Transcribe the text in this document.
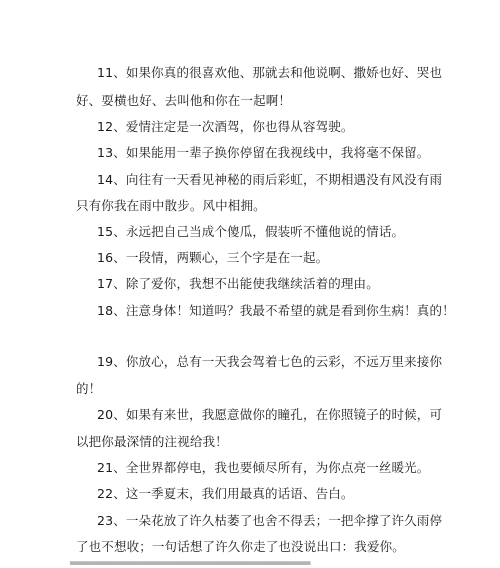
11、如果你真的很喜欢他、那就去和他说啊、撒娇也好、哭也
好、耍横也好、去叫他和你在一起啊！
12、爱情注定是一次酒驾，你也得从容驾驶。
13、如果能用一辈子换你停留在我视线中，我将毫不保留。
14、向往有一天看见神秘的雨后彩虹，不期相遇没有风没有雨
只有你我在雨中散步。风中相拥。
15、永远把自己当成个傻瓜，假装听不懂他说的情话。
16、一段情，两颗心，三个字是在一起。
17、除了爱你，我想不出能使我继续活着的理由。
18、注意身体！知道吗？我最不希望的就是看到你生病！真的！
19、你放心，总有一天我会驾着七色的云彩，不远万里来接你
的！
20、如果有来世，我愿意做你的瞳孔，在你照镜子的时候，可
以把你最深情的注视给我！
21、全世界都停电，我也要倾尽所有，为你点亮一丝暖光。
22、这一季夏末，我们用最真的话语、告白。
23、一朵花放了许久枯萎了也舍不得丢；一把伞撑了许久雨停
了也不想收；一句话想了许久你走了也没说出口：我爱你。
▂▂▂▂▂▂▂▂▂▂▂▂▂▂▂▂▂▂▂▂▂▂▂▂▂
